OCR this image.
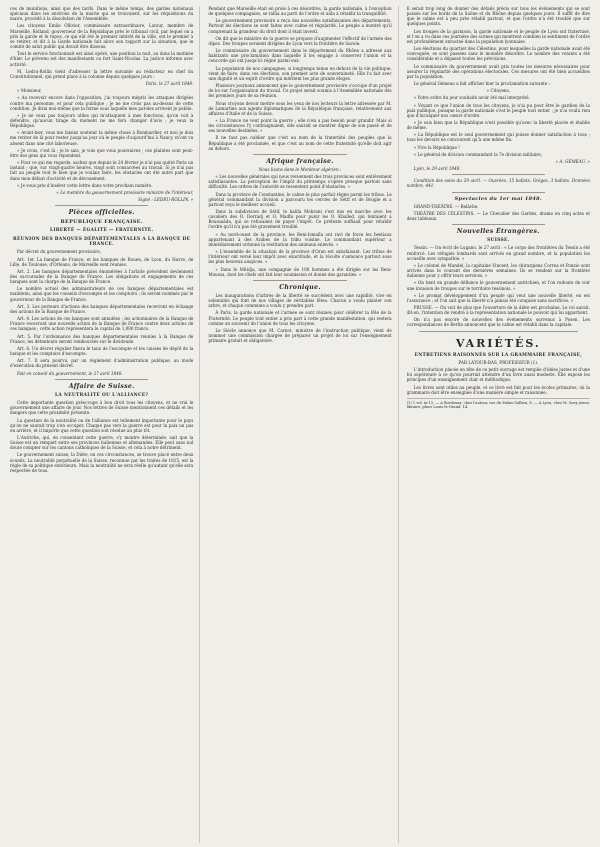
ces de munitions, ainsi que des tarifs. Dans le même temps, des gardes nationaux spéciaux dans les environs de la mairie qui se trouvaient, sur les réquisitions du maire, procédé à la dissolution de l'Assemblée.

Les citoyens Emile Ollivier, commissaire extraordinaire, Latour, membre de Marseille, Rolland, gouverneur de la République près le tribunal civil, par lequel on a pris la garde et le repos, ce qui eût été le premier intérêt de la ville, ont le premier à se retirer, et dit à la Garde nationale fait alors son rapport sur la situation, que le comité de salut public qui devait être dissous.

Tout le service fonctionnait est ainsi opéré, une position la nuit, au dans la matinée d'hier. Le prévenu est des manifestants ou fort Saint-Nicolas. La justice informe avec activité.

M. Ledru-Rollin vient d'adresser la lettre suivante au rédacteur en chef du Constitutionnel, qui prend place à la colonne depuis quelques jours :

Paris, le 27 avril 1848.

« Monsieur,

« Au recevoir encore dans l'opposition, j'ai toujours mépris les attaques dirigées contre ma personne, et pour cela publique ; je ne me crois pas au-dessus de cette condition. Je dirai moi-même que la forme sous laquelle mes paroles arrivent je publie.

« Je ne veux pas toujours utiles qui m'attaquent à mes fonctions, qu'on voit à défendre, qu'aucun tirage du moment ne me fera changer d'avis ; je veux la République.

« Avant-hier, vous me faisiez soutenir la même chose à Bombardier, et moi je dois me retirer de là pour rester jusqu'au jour où le peuple d'aujourd'hui à Nancy, m'ont vu absent dans une cité laborieuse.

« Je crois, c'est là ; je le sais, je vois que vous poursuivez ; ces plaintes sont peut-être des gens qui vous répondent.

« Pour ce qui me regarde, sachez que depuis le 24 février je n'ai pas quitté Paris un instant ; que, sur vingt-quatre heures, vingt sont consacrées au travail. Si je n'ai pas fait au peuple tout le bien que je voulais faire, les obstacles ont été autre part que dans mon défaut d'activité et de dévouement.

« Je vous prie d'insérer cette lettre dans votre prochain numéro.

« Le membre du gouvernement provisoire ministre de l'intérieur,

Signé : LEDRU-ROLLIN. »

Pièces officielles.

RÉPUBLIQUE FRANÇAISE.

LIBERTÉ — ÉGALITÉ — FRATERNITÉ.

RÉUNION DES BANQUES DÉPARTEMENTALES A LA BANQUE DE FRANCE.

Par décret du gouvernement provisoire,

Art. 1er. La banque de France, et les banques de Rouen, de Lyon, du Havre, de Lille, de Toulouse, d'Orléans, de Marseille sont réunies.

Art. 2. Les banques départementales énumérées à l'article précédent deviennent des succursales de la Banque de France. Les obligations et engagements de ces banques sont la charge de la Banque de France.

Le nombre actuel des administrateurs de ces banques départementales est maintenu, ainsi que les conseils d'escompte et les comptoirs ; ils seront nommés par le gouverneur de la Banque de France.

Art. 3. Les porteurs d'actions des banques départementales recevront en échange des actions de la Banque de France.

Art. 4. Les actions de ces banques sont annulées ; les actionnaires de la Banque de France recevront une nouvelle action de la Banque de France contre deux actions de ces banques ; cette action représentera le capital de 1,000 francs.

Art. 5. Par l'ordonnance des banques départementales réunies à la Banque de France, les détenteurs seront remboursés sur le dividende.

Art. 6. Un décret régulier fixera le taux de l'escompte et les caisses de dépôt de la banque et les comptoirs d'escompte.

Art. 7. Il sera pourvu, par un règlement d'administration publique, au mode d'exécution du présent décret.

Fait en conseil du gouvernement, le 27 avril 1848.

Affaire de Suisse.

LA NEUTRALITÉ OU L'ALLIANCE?

Cette importante question préoccupe à bon droit tous les citoyens, et ne vrai le gouvernement une affaire de jour. Nos lettres de Suisse mentionnent ces détails et les dangers que cette proximité présente.

La question de la neutralité ou de l'alliance est tellement importante pour le pays qu'on ne saurait trop s'en occuper. Chaque pas vers la guerre est pour la paix un pas en arrière, et il importe que cette question soit résolue au plus tôt.

L'Autriche, qui, en consentant cette guerre, s'y montre déterminée, sait que la Suisse est un rempart entre ses provinces italiennes et allemandes. Elle peut sans nul doute compter sur les cantons catholiques de la Suisse, et cela à notre détriment.

Le gouvernement suisse, la Diète, en ces circonstances, se trouve placé entre deux écueils. La neutralité perpétuelle de la Suisse, reconnue par les traités de 1815, est la règle de sa politique extérieure. Mais la neutralité ne sera réelle qu'autant qu'elle sera respectée de tous.

Pendant que Marseille était en proie à ces désordres, la garde nationale, à l'exception de quelques compagnies, se rallia au parti de l'ordre et aida à rétablir la tranquillité.

Le gouvernement provisoire a reçu des nouvelles satisfaisantes des départements. Partout les élections se sont faites avec calme et régularité. Le peuple a montré qu'il comprenait la grandeur du droit dont il était investi.

On dit que le ministre de la guerre se propose d'augmenter l'effectif de l'armée des Alpes. Des troupes seraient dirigées de Lyon vers la frontière de Savoie.

Le commissaire du gouvernement dans le département du Rhône a adressé aux habitants une proclamation dans laquelle il les engage à conserver l'union et la concorde qui ont jusqu'ici régné parmi eux.

La population de nos campagnes, si longtemps tenue en dehors de la vie politique, vient de faire, dans ces élections, son premier acte de souveraineté. Elle l'a fait avec une dignité et un esprit d'ordre qui méritent les plus grands éloges.

Plusieurs journaux annoncent que le gouvernement provisoire s'occupe d'un projet de loi sur l'organisation du travail. Ce projet serait soumis à l'Assemblée nationale dès les premiers jours de sa réunion.

Nous croyons devoir mettre sous les yeux de nos lecteurs la lettre adressée par M. de Lamartine aux agents diplomatiques de la République française, relativement aux affaires d'Italie et de la Suisse.

« La France ne veut point la guerre ; elle n'en a pas besoin pour grandir. Mais si les circonstances l'y contraignaient, elle saurait se montrer digne de son passé et de ses nouvelles destinées. »

Il ne faut pas oublier que c'est au nom de la fraternité des peuples que la République a été proclamée, et que c'est au nom de cette fraternité qu'elle doit agir au dehors.

Afrique française.

Nous lisons dans le Moniteur algérien :

« Les nouvelles générales qui nous reviennent des trois provinces sont entièrement satisfaisantes. La perception de l'impôt du printemps s'opère presque partout sans difficulté. Les ordres de l'autorité se ressentent point d'obstacles. »

Dans la province de Constantine, le calme le plus parfait règne parmi les tribus. Le général commandant la division a parcouru les cercles de Sétif et de Bougie et a partout reçu le meilleur accueil.

Dans la subdivision de Sétif, le kalifa Mokrani s'est mis en marche avec les cavaliers des O. Derradj et O. Madhi pour punir les O. Khalled, qui tentaient à Boussaâda, qui se refusaient de payer l'impôt. Ce prétexte suffisait pour rétablir l'ordre qu'il n'a pas été gravement troublé.

« Au nord-ouest de la province, les Beni-Ismaïla ont ravi de force les bestiaux appartenant à des Arabes de la tribu voisine. Le commandant supérieur a immédiatement ordonné la restitution des animaux enlevés. »

« L'ensemble de la situation de la province d'Oran est satisfaisant. Les tribus de l'intérieur ont versé leur impôt avec exactitude, et la récolte s'annonce partout sous les plus heureux auspices. »

« Dans le Mitidja, une compagnie de 100 hommes a été dirigée sur les Beni-Moussa, dont les chefs ont fait leur soumission et donné des garanties. »

Chronique.

Les inaugurations d'arbres de la liberté se succèdent avec une rapidité, vive en solennités qui font de nos villages de véritables fêtes. Chacun a voulu planter son arbre, et chaque commune a voulu y prendre part.

À Paris, la garde nationale et l'armée se sont réunies pour célébrer la fête de la Fraternité. Le peuple tout entier a pris part à cette grande manifestation, qui restera comme un souvenir de l'union de tous les citoyens.

Le Siècle annonce que M. Carnot, ministre de l'instruction publique, vient de nommer une commission chargée de préparer un projet de loi sur l'enseignement primaire gratuit et obligatoire.

Il serait trop long de donner des détails précis sur tous les événements qui se sont passés sur les bords de la Saône et du Rhône depuis quelques jours. Il suffit de dire que le calme est à peu près rétabli partout, et que l'ordre n'a été troublé que sur quelques points.

Les troupes de la garnison, la garde nationale et le peuple de Lyon ont fraternisé, et l'on a vu dans ces journées des scènes qui montrent combien le sentiment de l'ordre est profondément enraciné dans la population lyonnaise.

Les élections du quartier des Célestins, pour lesquelles la garde nationale avait été convoquée, se sont passées sans le moindre désordre. Le nombre des votants a été considérable et a dépassé toutes les prévisions.

Le commissaire du gouvernement avait pris toutes les mesures nécessaires pour assurer la régularité des opérations électorales. Ces mesures ont été bien accueillies par la population.

Le général Gémeau a fait afficher hier la proclamation suivante :

« Citoyens,

« Votre ordre du jour souhaité avoir été mal interprété.

« Voyant ce que l'union de tous les citoyens, je n'ai pu pour être le gardien de la paix publique, puisque la garde nationale s'est le peuple tout entier ; je n'ai voulu rien que d'inculquer nos cœurs d'ordre.

« Je suis bien que la République n'est possible qu'avec la liberté placée et établie de même.

« La République est le seul gouvernement qui puisse donner satisfaction à tous ; tous les devoirs ne concourent qu'à une même fin.

« Vive la République !

« Le général de division commandant la 7e division militaire,

« A. GÉMEAU. »

Lyon, le 29 avril 1848.

Condition des soies du 29 avril. — Ouvrées, 15 ballots. Grèges, 3 ballots. Données nombre, 441.

Spectacles du 1er mai 1848.

GRAND-THÉÂTRE. — Relâche.

THÉÂTRE DES CÉLESTINS. — Le Chevalier des Gardes, drame en cinq actes et deux tableaux.

Nouvelles Étrangères.

SUISSE.

Tessin. — On écrit de Lugano, le 27 avril : « Le corps des frontières du Tessin a été renforcé. Les réfugiés lombards sont arrivés en grand nombre, et la population les accueille avec sympathie. »

« Le colonel de Mandel, la capitaine Vincent, les chirurgiens Correa et Ponzio sont arrivés dans le courant des dernières semaines. Ils se rendent sur la frontière italienne pour y offrir leurs services. »

« On tient en grande défiance le gouvernement autrichien, et l'on redoute de voir une invasion de troupes sur le territoire tessinois. »

« Le prompt développement d'un peuple qui veut une nouvelle liberté, en est l'assurance ; et l'on sait que la liberté n'a jamais été conquise sans sacrifices. »

PRUSSE. — On voit de plus que l'ouverture de la diète est prochaine. Le roi aurait, dit-on, l'intention de rendre à la représentation nationale le pouvoir qui lui appartient.

On n'a pas encore de nouvelles des événements survenus à Posen. Les correspondances de Berlin annoncent que le calme est rétabli dans la capitale.

VARIÉTÉS.

ENTRETIENS RAISONNÉS SUR LA GRAMMAIRE FRANÇAISE,

PAR LATOUR-BAS, PROFESSEUR (1).

L'introduction placée en tête de ce petit ouvrage est remplie d'idées justes et d'une foi supérieure à ce qu'on pourrait attendre d'un livre aussi modeste. Elle expose les principes d'un enseignement clair et méthodique.

Les livres sont utiles au peuple, et ce livre est fait pour les écoles primaires, où la grammaire doit être enseignée d'une manière simple et raisonnée.

(1) 1 vol. in-12. — A Bordeaux, chez l'auteur, rue du Palais-Gallien, 8. — A Lyon, chez M. Savy jeune, libraire, place Louis-le-Grand, 14.
